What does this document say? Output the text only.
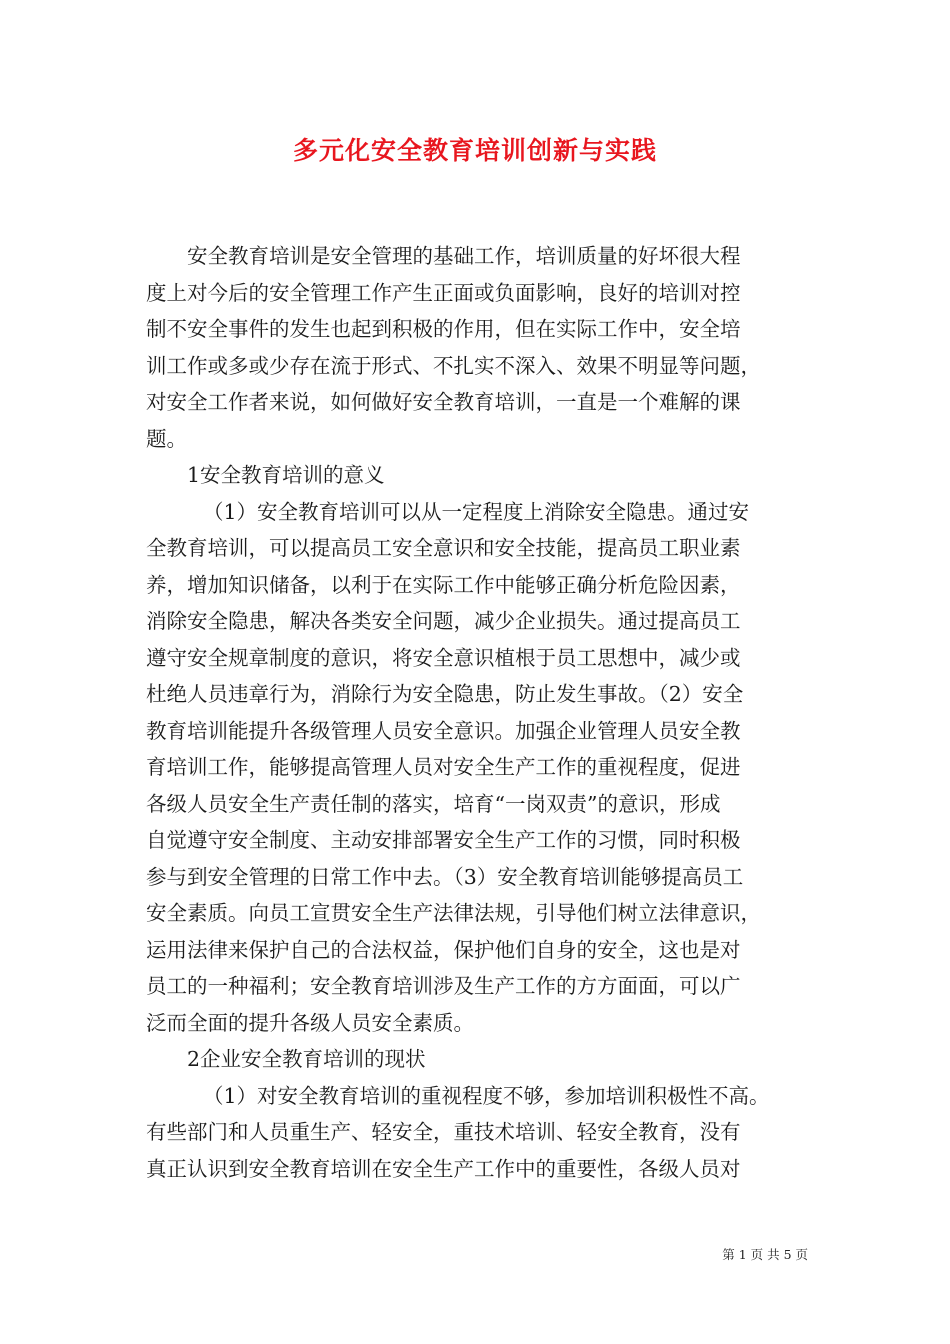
多元化安全教育培训创新与实践
安全教育培训是安全管理的基础工作，培训质量的好坏很大程
度上对今后的安全管理工作产生正面或负面影响，良好的培训对控
制不安全事件的发生也起到积极的作用，但在实际工作中，安全培
训工作或多或少存在流于形式、不扎实不深入、效果不明显等问题，
对安全工作者来说，如何做好安全教育培训，一直是一个难解的课
题。
1安全教育培训的意义
（1）安全教育培训可以从一定程度上消除安全隐患。通过安
全教育培训，可以提高员工安全意识和安全技能，提高员工职业素
养，增加知识储备，以利于在实际工作中能够正确分析危险因素，
消除安全隐患，解决各类安全问题，减少企业损失。通过提高员工
遵守安全规章制度的意识，将安全意识植根于员工思想中，减少或
杜绝人员违章行为，消除行为安全隐患，防止发生事故。（2）安全
教育培训能提升各级管理人员安全意识。加强企业管理人员安全教
育培训工作，能够提高管理人员对安全生产工作的重视程度，促进
各级人员安全生产责任制的落实，培育“一岗双责”的意识，形成
自觉遵守安全制度、主动安排部署安全生产工作的习惯，同时积极
参与到安全管理的日常工作中去。（3）安全教育培训能够提高员工
安全素质。向员工宣贯安全生产法律法规，引导他们树立法律意识，
运用法律来保护自己的合法权益，保护他们自身的安全，这也是对
员工的一种福利；安全教育培训涉及生产工作的方方面面，可以广
泛而全面的提升各级人员安全素质。
2企业安全教育培训的现状
（1）对安全教育培训的重视程度不够，参加培训积极性不高。
有些部门和人员重生产、轻安全，重技术培训、轻安全教育，没有
真正认识到安全教育培训在安全生产工作中的重要性，各级人员对
第 1 页 共 5 页
